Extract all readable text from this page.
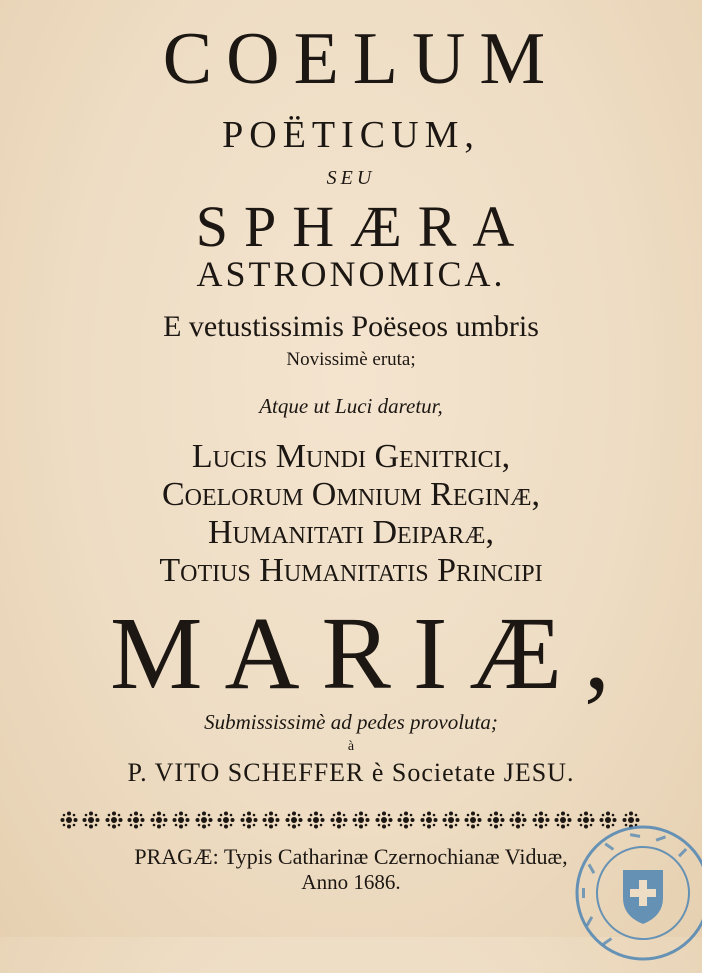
COELUM
POËTICUM,
SEU
SPHÆRA
ASTRONOMICA.
E vetustissimis Poëseos umbris
Novissimè eruta;
Atque ut Luci daretur,
Lucis Mundi Genitrici,
Coelorum Omnium Reginæ,
Humanitati Deiparæ,
Totius Humanitatis Principi
MARIÆ,
Submississimè ad pedes provoluta;
à
P. VITO SCHEFFER è Societate JESU.
PRAGÆ: Typis Catharinæ Czernochianæ Viduæ,
Anno 1686.
